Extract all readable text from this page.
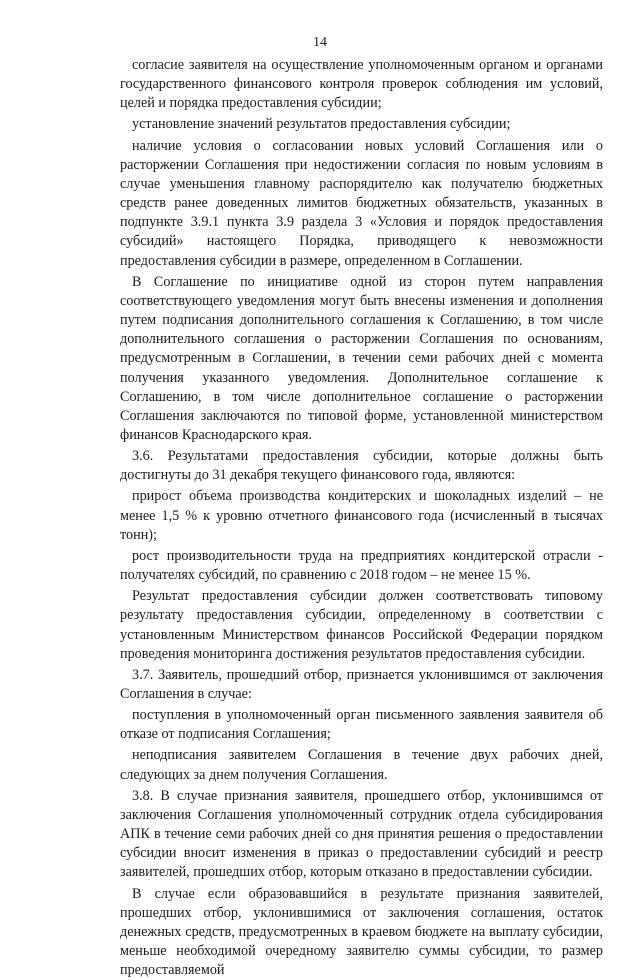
14

согласие заявителя на осуществление уполномоченным органом и органами государственного финансового контроля проверок соблюдения им условий, целей и порядка предоставления субсидии;

установление значений результатов предоставления субсидии;

наличие условия о согласовании новых условий Соглашения или о расторжении Соглашения при недостижении согласия по новым условиям в случае уменьшения главному распорядителю как получателю бюджетных средств ранее доведенных лимитов бюджетных обязательств, указанных в подпункте 3.9.1 пункта 3.9 раздела 3 «Условия и порядок предоставления субсидий» настоящего Порядка, приводящего к невозможности предоставления субсидии в размере, определенном в Соглашении.

В Соглашение по инициативе одной из сторон путем направления соответствующего уведомления могут быть внесены изменения и дополнения путем подписания дополнительного соглашения к Соглашению, в том числе дополнительного соглашения о расторжении Соглашения по основаниям, предусмотренным в Соглашении, в течении семи рабочих дней с момента получения указанного уведомления. Дополнительное соглашение к Соглашению, в том числе дополнительное соглашение о расторжении Соглашения заключаются по типовой форме, установленной министерством финансов Краснодарского края.

3.6. Результатами предоставления субсидии, которые должны быть достигнуты до 31 декабря текущего финансового года, являются:

прирост объема производства кондитерских и шоколадных изделий – не менее 1,5 % к уровню отчетного финансового года (исчисленный в тысячах тонн);

рост производительности труда на предприятиях кондитерской отрасли - получателях субсидий, по сравнению с 2018 годом – не менее 15 %.

Результат предоставления субсидии должен соответствовать типовому результату предоставления субсидии, определенному в соответствии с установленным Министерством финансов Российской Федерации порядком проведения мониторинга достижения результатов предоставления субсидии.

3.7. Заявитель, прошедший отбор, признается уклонившимся от заключения Соглашения в случае:

поступления в уполномоченный орган письменного заявления заявителя об отказе от подписания Соглашения;

неподписания заявителем Соглашения в течение двух рабочих дней, следующих за днем получения Соглашения.

3.8. В случае признания заявителя, прошедшего отбор, уклонившимся от заключения Соглашения уполномоченный сотрудник отдела субсидирования АПК в течение семи рабочих дней со дня принятия решения о предоставлении субсидии вносит изменения в приказ о предоставлении субсидий и реестр заявителей, прошедших отбор, которым отказано в предоставлении субсидии.

В случае если образовавшийся в результате признания заявителей, прошедших отбор, уклонившимися от заключения соглашения, остаток денежных средств, предусмотренных в краевом бюджете на выплату субсидии, меньше необходимой очередному заявителю суммы субсидии, то размер предоставляемой
